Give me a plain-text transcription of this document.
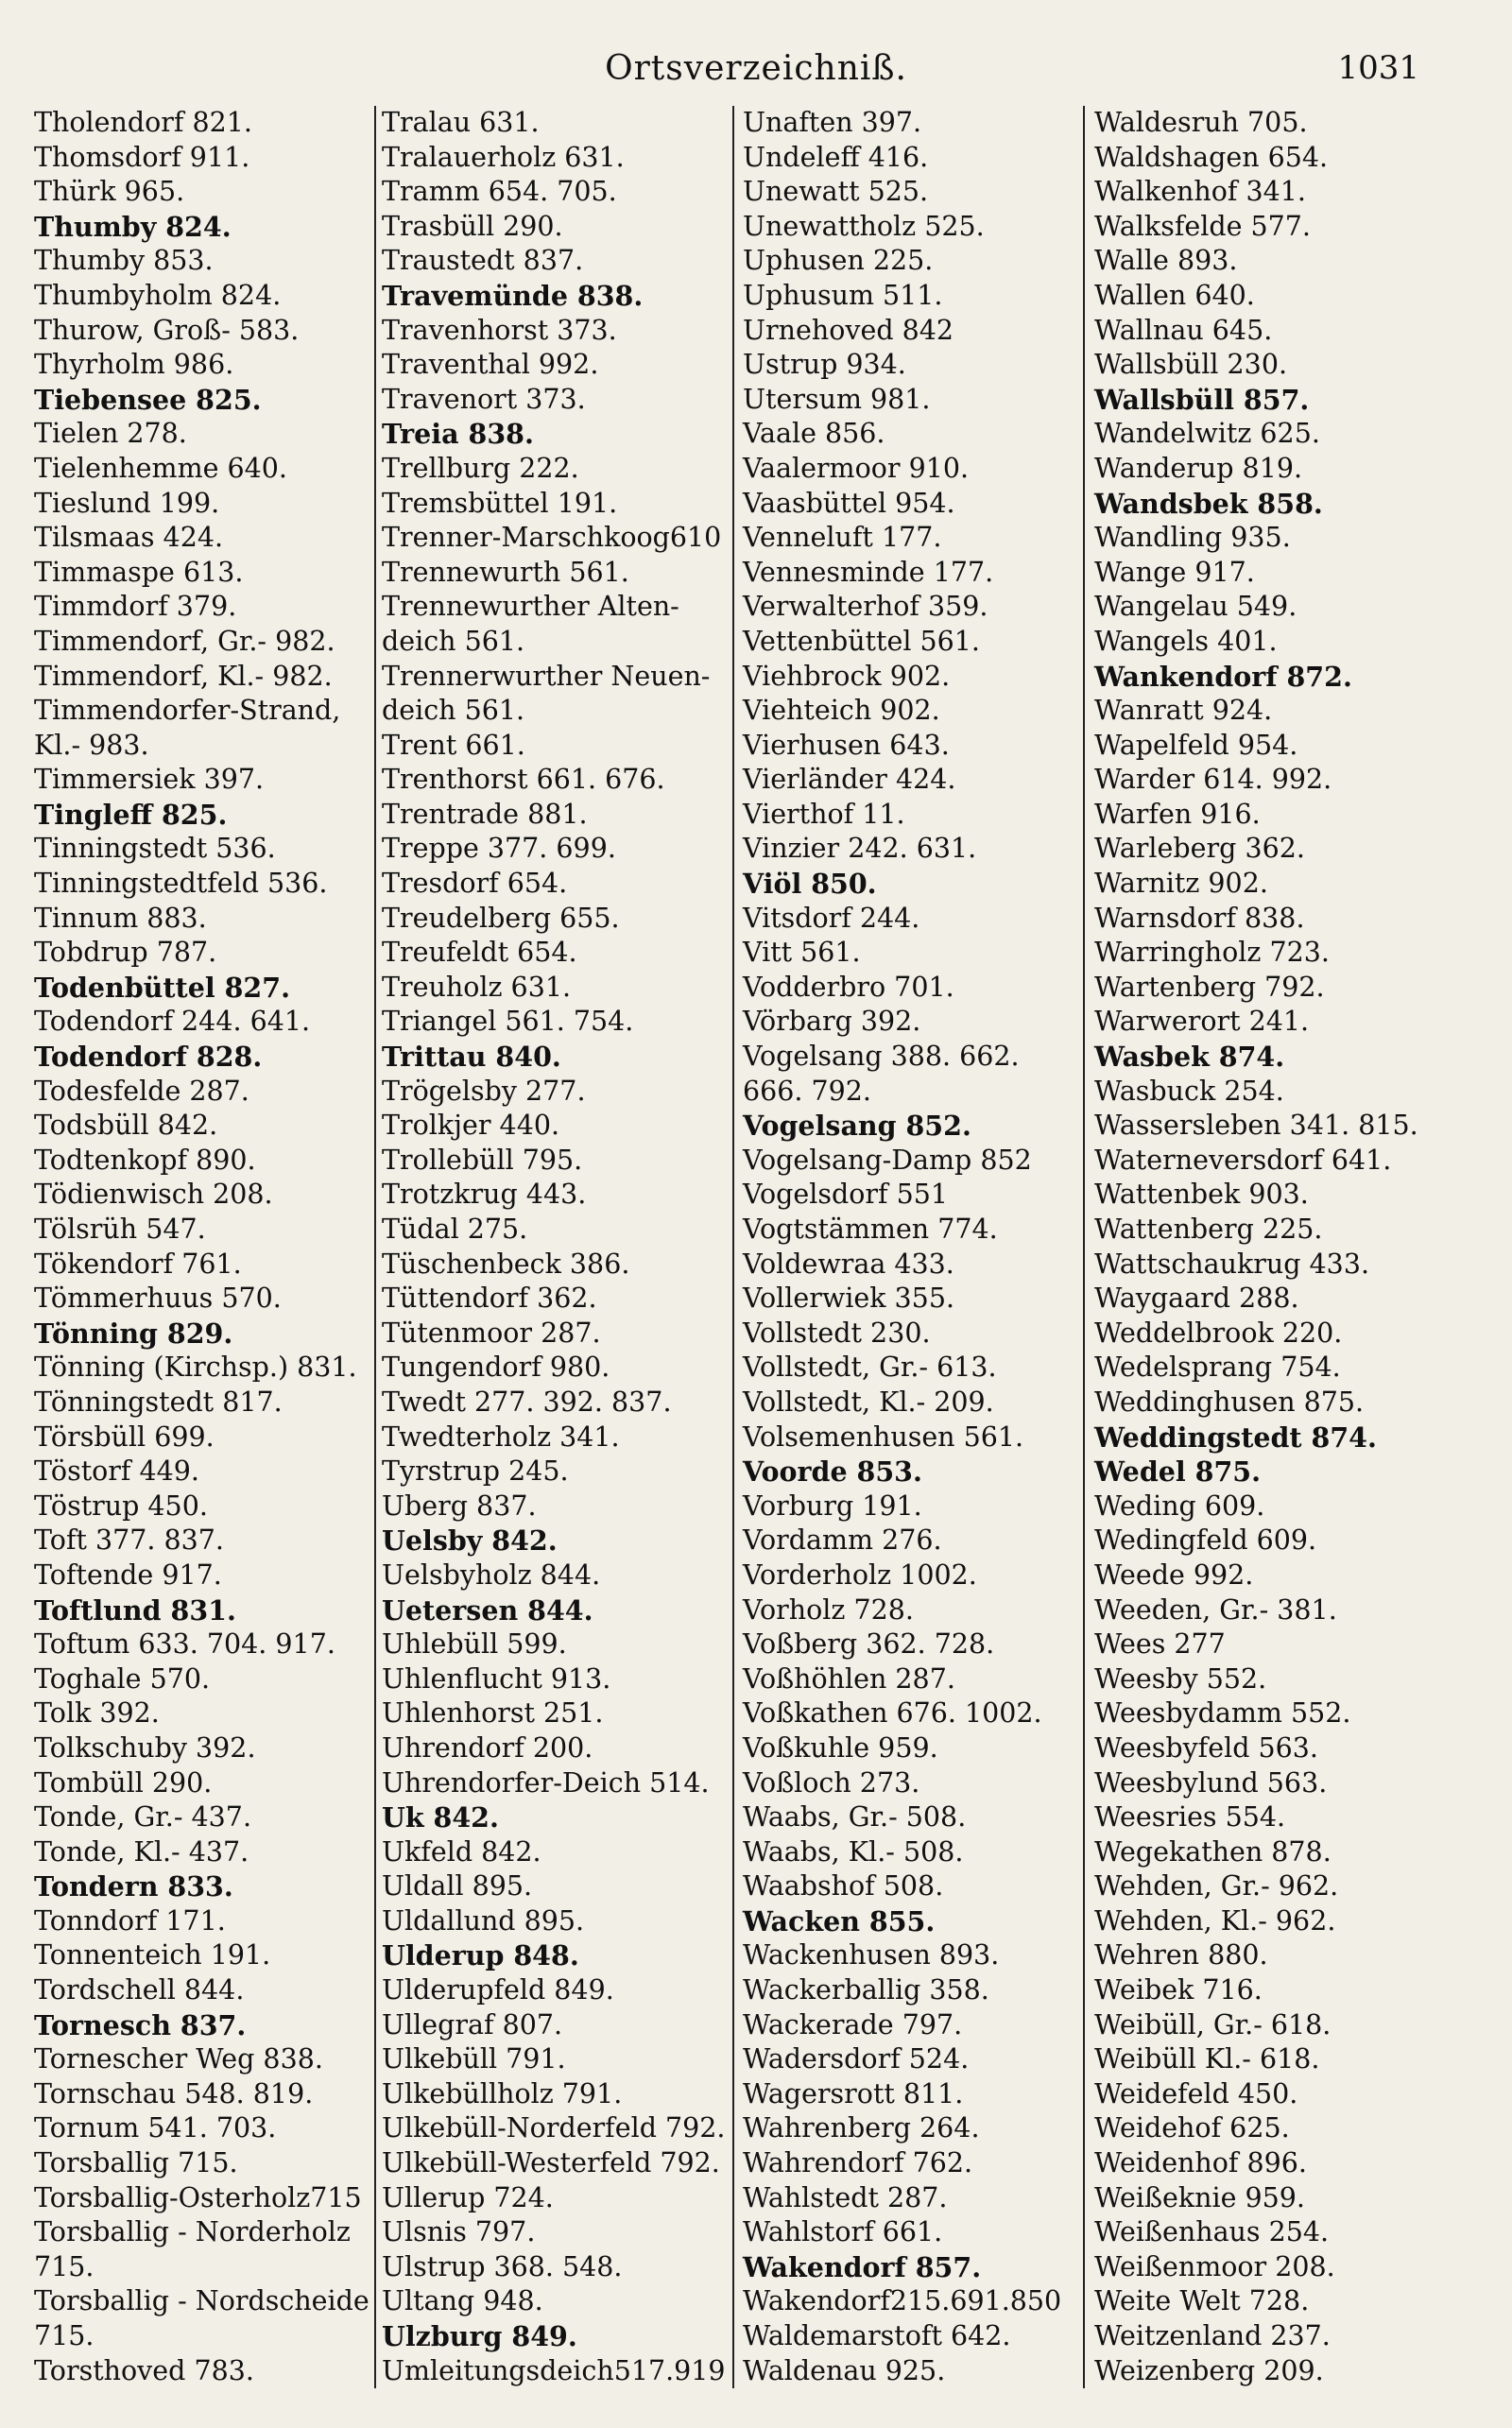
Ortsverzeichniß.	1031
Tholendorf 821.
Thomsdorf 911.
Thürk 965.
Thumby 824.
Thumby 853.
Thumbyholm 824.
Thurow, Groß- 583.
Thyrholm 986.
Tiebensee 825.
Tielen 278.
Tielenhemme 640.
Tieslund 199.
Tilsmaas 424.
Timmaspe 613.
Timmdorf 379.
Timmendorf, Gr.- 982.
Timmendorf, Kl.- 982.
Timmendorfer-Strand,
Kl.- 983.
Timmersiek 397.
Tingleff 825.
Tinningstedt 536.
Tinningstedtfeld 536.
Tinnum 883.
Tobdrup 787.
Todenbüttel 827.
Todendorf 244. 641.
Todendorf 828.
Todesfelde 287.
Todsbüll 842.
Todtenkopf 890.
Tödienwisch 208.
Tölsrüh 547.
Tökendorf 761.
Tömmerhuus 570.
Tönning 829.
Tönning (Kirchsp.) 831.
Tönningstedt 817.
Törsbüll 699.
Töstorf 449.
Töstrup 450.
Toft 377. 837.
Toftende 917.
Toftlund 831.
Toftum 633. 704. 917.
Toghale 570.
Tolk 392.
Tolkschuby 392.
Tombüll 290.
Tonde, Gr.- 437.
Tonde, Kl.- 437.
Tondern 833.
Tonndorf 171.
Tonnenteich 191.
Tordschell 844.
Tornesch 837.
Tornescher Weg 838.
Tornschau 548. 819.
Tornum 541. 703.
Torsballig 715.
Torsballig-Osterholz715
Torsballig - Norderholz
715.
Torsballig - Nordscheide
715.
Torsthoved 783.
Tralau 631.
Tralauerholz 631.
Tramm 654. 705.
Trasbüll 290.
Traustedt 837.
Travemünde 838.
Travenhorst 373.
Traventhal 992.
Travenort 373.
Treia 838.
Trellburg 222.
Tremsbüttel 191.
Trenner-Marschkoog610
Trennewurth 561.
Trennewurther Alten-
deich 561.
Trennerwurther Neuen-
deich 561.
Trent 661.
Trenthorst 661. 676.
Trentrade 881.
Treppe 377. 699.
Tresdorf 654.
Treudelberg 655.
Treufeldt 654.
Treuholz 631.
Triangel 561. 754.
Trittau 840.
Trögelsby 277.
Trolkjer 440.
Trollebüll 795.
Trotzkrug 443.
Tüdal 275.
Tüschenbeck 386.
Tüttendorf 362.
Tütenmoor 287.
Tungendorf 980.
Twedt 277. 392. 837.
Twedterholz 341.
Tyrstrup 245.
Uberg 837.
Uelsby 842.
Uelsbyholz 844.
Uetersen 844.
Uhlebüll 599.
Uhlenflucht 913.
Uhlenhorst 251.
Uhrendorf 200.
Uhrendorfer-Deich 514.
Uk 842.
Ukfeld 842.
Uldall 895.
Uldallund 895.
Ulderup 848.
Ulderupfeld 849.
Ullegraf 807.
Ulkebüll 791.
Ulkebüllholz 791.
Ulkebüll-Norderfeld 792.
Ulkebüll-Westerfeld 792.
Ullerup 724.
Ulsnis 797.
Ulstrup 368. 548.
Ultang 948.
Ulzburg 849.
Umleitungsdeich517.919
Unaften 397.
Undeleff 416.
Unewatt 525.
Unewattholz 525.
Uphusen 225.
Uphusum 511.
Urnehoved 842
Ustrup 934.
Utersum 981.
Vaale 856.
Vaalermoor 910.
Vaasbüttel 954.
Venneluft 177.
Vennesminde 177.
Verwalterhof 359.
Vettenbüttel 561.
Viehbrock 902.
Viehteich 902.
Vierhusen 643.
Vierländer 424.
Vierthof 11.
Vinzier 242. 631.
Viöl 850.
Vitsdorf 244.
Vitt 561.
Vodderbro 701.
Vörbarg 392.
Vogelsang 388. 662.
666. 792.
Vogelsang 852.
Vogelsang-Damp 852
Vogelsdorf 551
Vogtstämmen 774.
Voldewraa 433.
Vollerwiek 355.
Vollstedt 230.
Vollstedt, Gr.- 613.
Vollstedt, Kl.- 209.
Volsemenhusen 561.
Voorde 853.
Vorburg 191.
Vordamm 276.
Vorderholz 1002.
Vorholz 728.
Voßberg 362. 728.
Voßhöhlen 287.
Voßkathen 676. 1002.
Voßkuhle 959.
Voßloch 273.
Waabs, Gr.- 508.
Waabs, Kl.- 508.
Waabshof 508.
Wacken 855.
Wackenhusen 893.
Wackerballig 358.
Wackerade 797.
Wadersdorf 524.
Wagersrott 811.
Wahrenberg 264.
Wahrendorf 762.
Wahlstedt 287.
Wahlstorf 661.
Wakendorf 857.
Wakendorf215.691.850
Waldemarstoft 642.
Waldenau 925.
Waldesruh 705.
Waldshagen 654.
Walkenhof 341.
Walksfelde 577.
Walle 893.
Wallen 640.
Wallnau 645.
Wallsbüll 230.
Wallsbüll 857.
Wandelwitz 625.
Wanderup 819.
Wandsbek 858.
Wandling 935.
Wange 917.
Wangelau 549.
Wangels 401.
Wankendorf 872.
Wanratt 924.
Wapelfeld 954.
Warder 614. 992.
Warfen 916.
Warleberg 362.
Warnitz 902.
Warnsdorf 838.
Warringholz 723.
Wartenberg 792.
Warwerort 241.
Wasbek 874.
Wasbuck 254.
Wassersleben 341. 815.
Waterneversdorf 641.
Wattenbek 903.
Wattenberg 225.
Wattschaukrug 433.
Waygaard 288.
Weddelbrook 220.
Wedelsprang 754.
Weddinghusen 875.
Weddingstedt 874.
Wedel 875.
Weding 609.
Wedingfeld 609.
Weede 992.
Weeden, Gr.- 381.
Wees 277
Weesby 552.
Weesbydamm 552.
Weesbyfeld 563.
Weesbylund 563.
Weesries 554.
Wegekathen 878.
Wehden, Gr.- 962.
Wehden, Kl.- 962.
Wehren 880.
Weibek 716.
Weibüll, Gr.- 618.
Weibüll Kl.- 618.
Weidefeld 450.
Weidehof 625.
Weidenhof 896.
Weißeknie 959.
Weißenhaus 254.
Weißenmoor 208.
Weite Welt 728.
Weitzenland 237.
Weizenberg 209.
